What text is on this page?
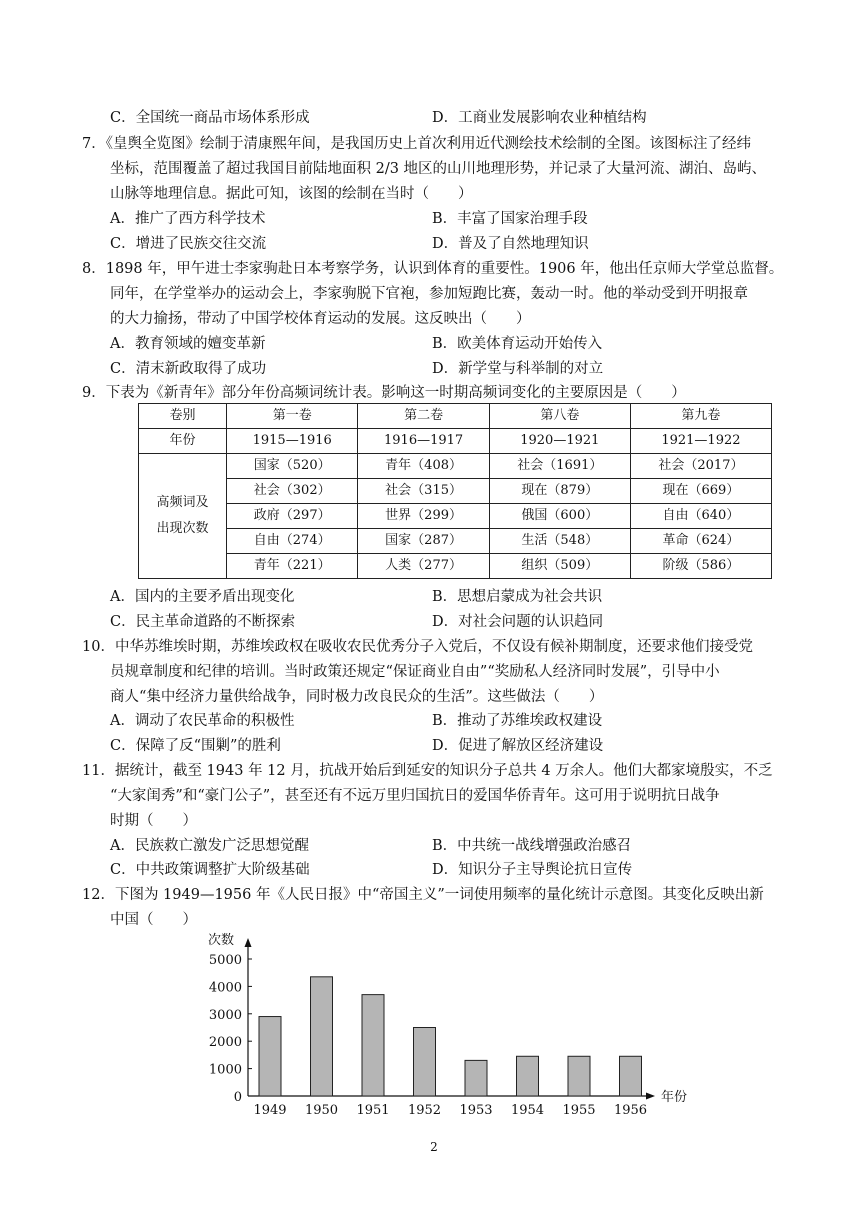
C．全国统一商品市场体系形成	D．工商业发展影响农业种植结构
7．《皇舆全览图》绘制于清康熙年间，是我国历史上首次利用近代测绘技术绘制的全图。该图标注了经纬
坐标，范围覆盖了超过我国目前陆地面积 2/3 地区的山川地理形势，并记录了大量河流、湖泊、岛屿、
山脉等地理信息。据此可知，该图的绘制在当时（　　）
A．推广了西方科学技术	B．丰富了国家治理手段
C．增进了民族交往交流	D．普及了自然地理知识
8．1898 年，甲午进士李家驹赴日本考察学务，认识到体育的重要性。1906 年，他出任京师大学堂总监督。
同年，在学堂举办的运动会上，李家驹脱下官袍，参加短跑比赛，轰动一时。他的举动受到开明报章
的大力揄扬，带动了中国学校体育运动的发展。这反映出（　　）
A．教育领域的嬗变革新	B．欧美体育运动开始传入
C．清末新政取得了成功	D．新学堂与科举制的对立
9．下表为《新青年》部分年份高频词统计表。影响这一时期高频词变化的主要原因是（　　）
卷别	第一卷	第二卷	第八卷	第九卷
年份	1915—1916	1916—1917	1920—1921	1921—1922

高频词及
出现次数	国家（520）	青年（408）	社会（1691）	社会（2017）
	社会（302）	社会（315）	现在（879）	现在（669）
	政府（297）	世界（299）	俄国（600）	自由（640）
	自由（274）	国家（287）	生活（548）	革命（624）
	青年（221）	人类（277）	组织（509）	阶级（586）
A．国内的主要矛盾出现变化	B．思想启蒙成为社会共识
C．民主革命道路的不断探索	D．对社会问题的认识趋同
10．中华苏维埃时期，苏维埃政权在吸收农民优秀分子入党后，不仅设有候补期制度，还要求他们接受党
员规章制度和纪律的培训。当时政策还规定“保证商业自由”“奖励私人经济同时发展”，引导中小
商人“集中经济力量供给战争，同时极力改良民众的生活”。这些做法（　　）
A．调动了农民革命的积极性	B．推动了苏维埃政权建设
C．保障了反“围剿”的胜利	D．促进了解放区经济建设
11．据统计，截至 1943 年 12 月，抗战开始后到延安的知识分子总共 4 万余人。他们大都家境殷实，不乏
“大家闺秀”和“豪门公子”，甚至还有不远万里归国抗日的爱国华侨青年。这可用于说明抗日战争
时期（　　）
A．民族救亡激发广泛思想觉醒	B．中共统一战线增强政治感召
C．中共政策调整扩大阶级基础	D．知识分子主导舆论抗日宣传
12．下图为 1949—1956 年《人民日报》中“帝国主义”一词使用频率的量化统计示意图。其变化反映出新
中国（　　）
0
1000
2000
3000
4000
5000
次数
年份
1949 1950 1951 1952 1953 1954 1955 1956
2
